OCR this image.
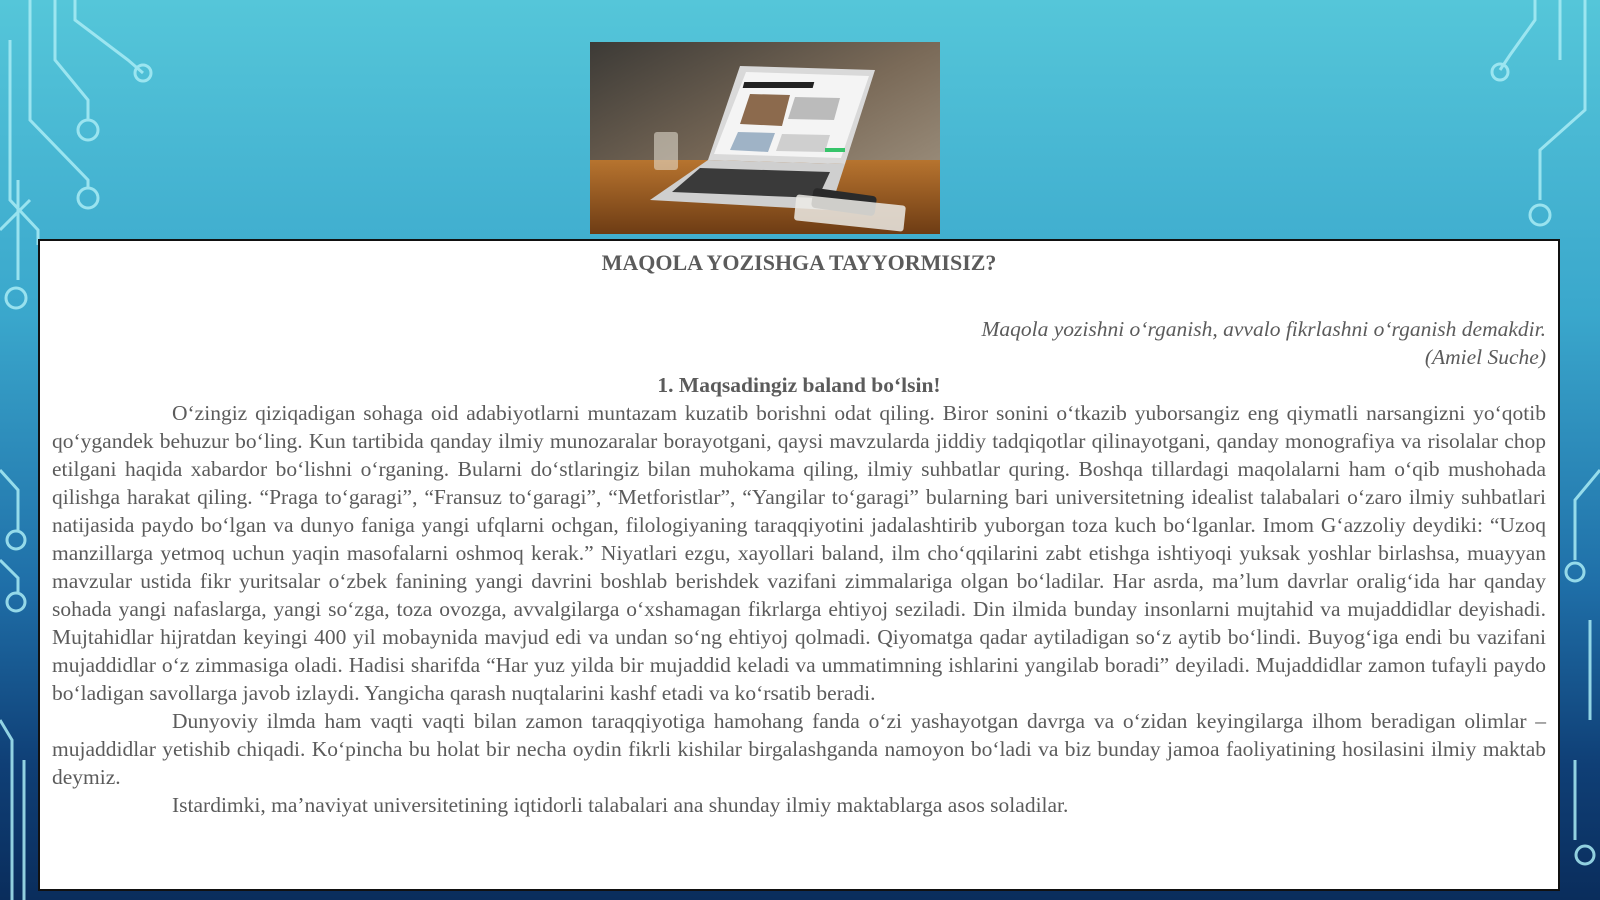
MAQOLA YOZISHGA TAYYORMISIZ?

Maqola yozishni o‘rganish, avvalo fikrlashni o‘rganish demakdir.

(Amiel Suche)

1. Maqsadingiz baland bo‘lsin!

O‘zingiz qiziqadigan sohaga oid adabiyotlarni muntazam kuzatib borishni odat qiling. Biror sonini o‘tkazib yuborsangiz eng qiymatli narsangizni yo‘qotib qo‘ygandek behuzur bo‘ling. Kun tartibida qanday ilmiy munozaralar borayotgani, qaysi mavzularda jiddiy tadqiqotlar qilinayotgani, qanday monografiya va risolalar chop etilgani haqida xabardor bo‘lishni o‘rganing. Bularni do‘stlaringiz bilan muhokama qiling, ilmiy suhbatlar quring. Boshqa tillardagi maqolalarni ham o‘qib mushohada qilishga harakat qiling. “Praga to‘garagi”, “Fransuz to‘garagi”, “Metforistlar”, “Yangilar to‘garagi” bularning bari universitetning idealist talabalari o‘zaro ilmiy suhbatlari natijasida paydo bo‘lgan va dunyo faniga yangi ufqlarni ochgan, filologiyaning taraqqiyotini jadalashtirib yuborgan toza kuch bo‘lganlar. Imom G‘azzoliy deydiki: “Uzoq manzillarga yetmoq uchun yaqin masofalarni oshmoq kerak.” Niyatlari ezgu, xayollari baland, ilm cho‘qqilarini zabt etishga ishtiyoqi yuksak yoshlar birlashsa, muayyan mavzular ustida fikr yuritsalar o‘zbek fanining yangi davrini boshlab berishdek vazifani zimmalariga olgan bo‘ladilar. Har asrda, ma’lum davrlar oralig‘ida har qanday sohada yangi nafaslarga, yangi so‘zga, toza ovozga, avvalgilarga o‘xshamagan fikrlarga ehtiyoj seziladi. Din ilmida bunday insonlarni mujtahid va mujaddidlar deyishadi. Mujtahidlar hijratdan keyingi 400 yil mobaynida mavjud edi va undan so‘ng ehtiyoj qolmadi. Qiyomatga qadar aytiladigan so‘z aytib bo‘lindi. Buyog‘iga endi bu vazifani mujaddidlar o‘z zimmasiga oladi. Hadisi sharifda “Har yuz yilda bir mujaddid keladi va ummatimning ishlarini yangilab boradi” deyiladi. Mujaddidlar zamon tufayli paydo bo‘ladigan savollarga javob izlaydi. Yangicha qarash nuqtalarini kashf etadi va ko‘rsatib beradi.

Dunyoviy ilmda ham vaqti vaqti bilan zamon taraqqiyotiga hamohang fanda o‘zi yashayotgan davrga va o‘zidan keyingilarga ilhom beradigan olimlar – mujaddidlar yetishib chiqadi. Ko‘pincha bu holat bir necha oydin fikrli kishilar birgalashganda namoyon bo‘ladi va biz bunday jamoa faoliyatining hosilasini ilmiy maktab deymiz.

Istardimki, ma’naviyat universitetining iqtidorli talabalari ana shunday ilmiy maktablarga asos soladilar.
